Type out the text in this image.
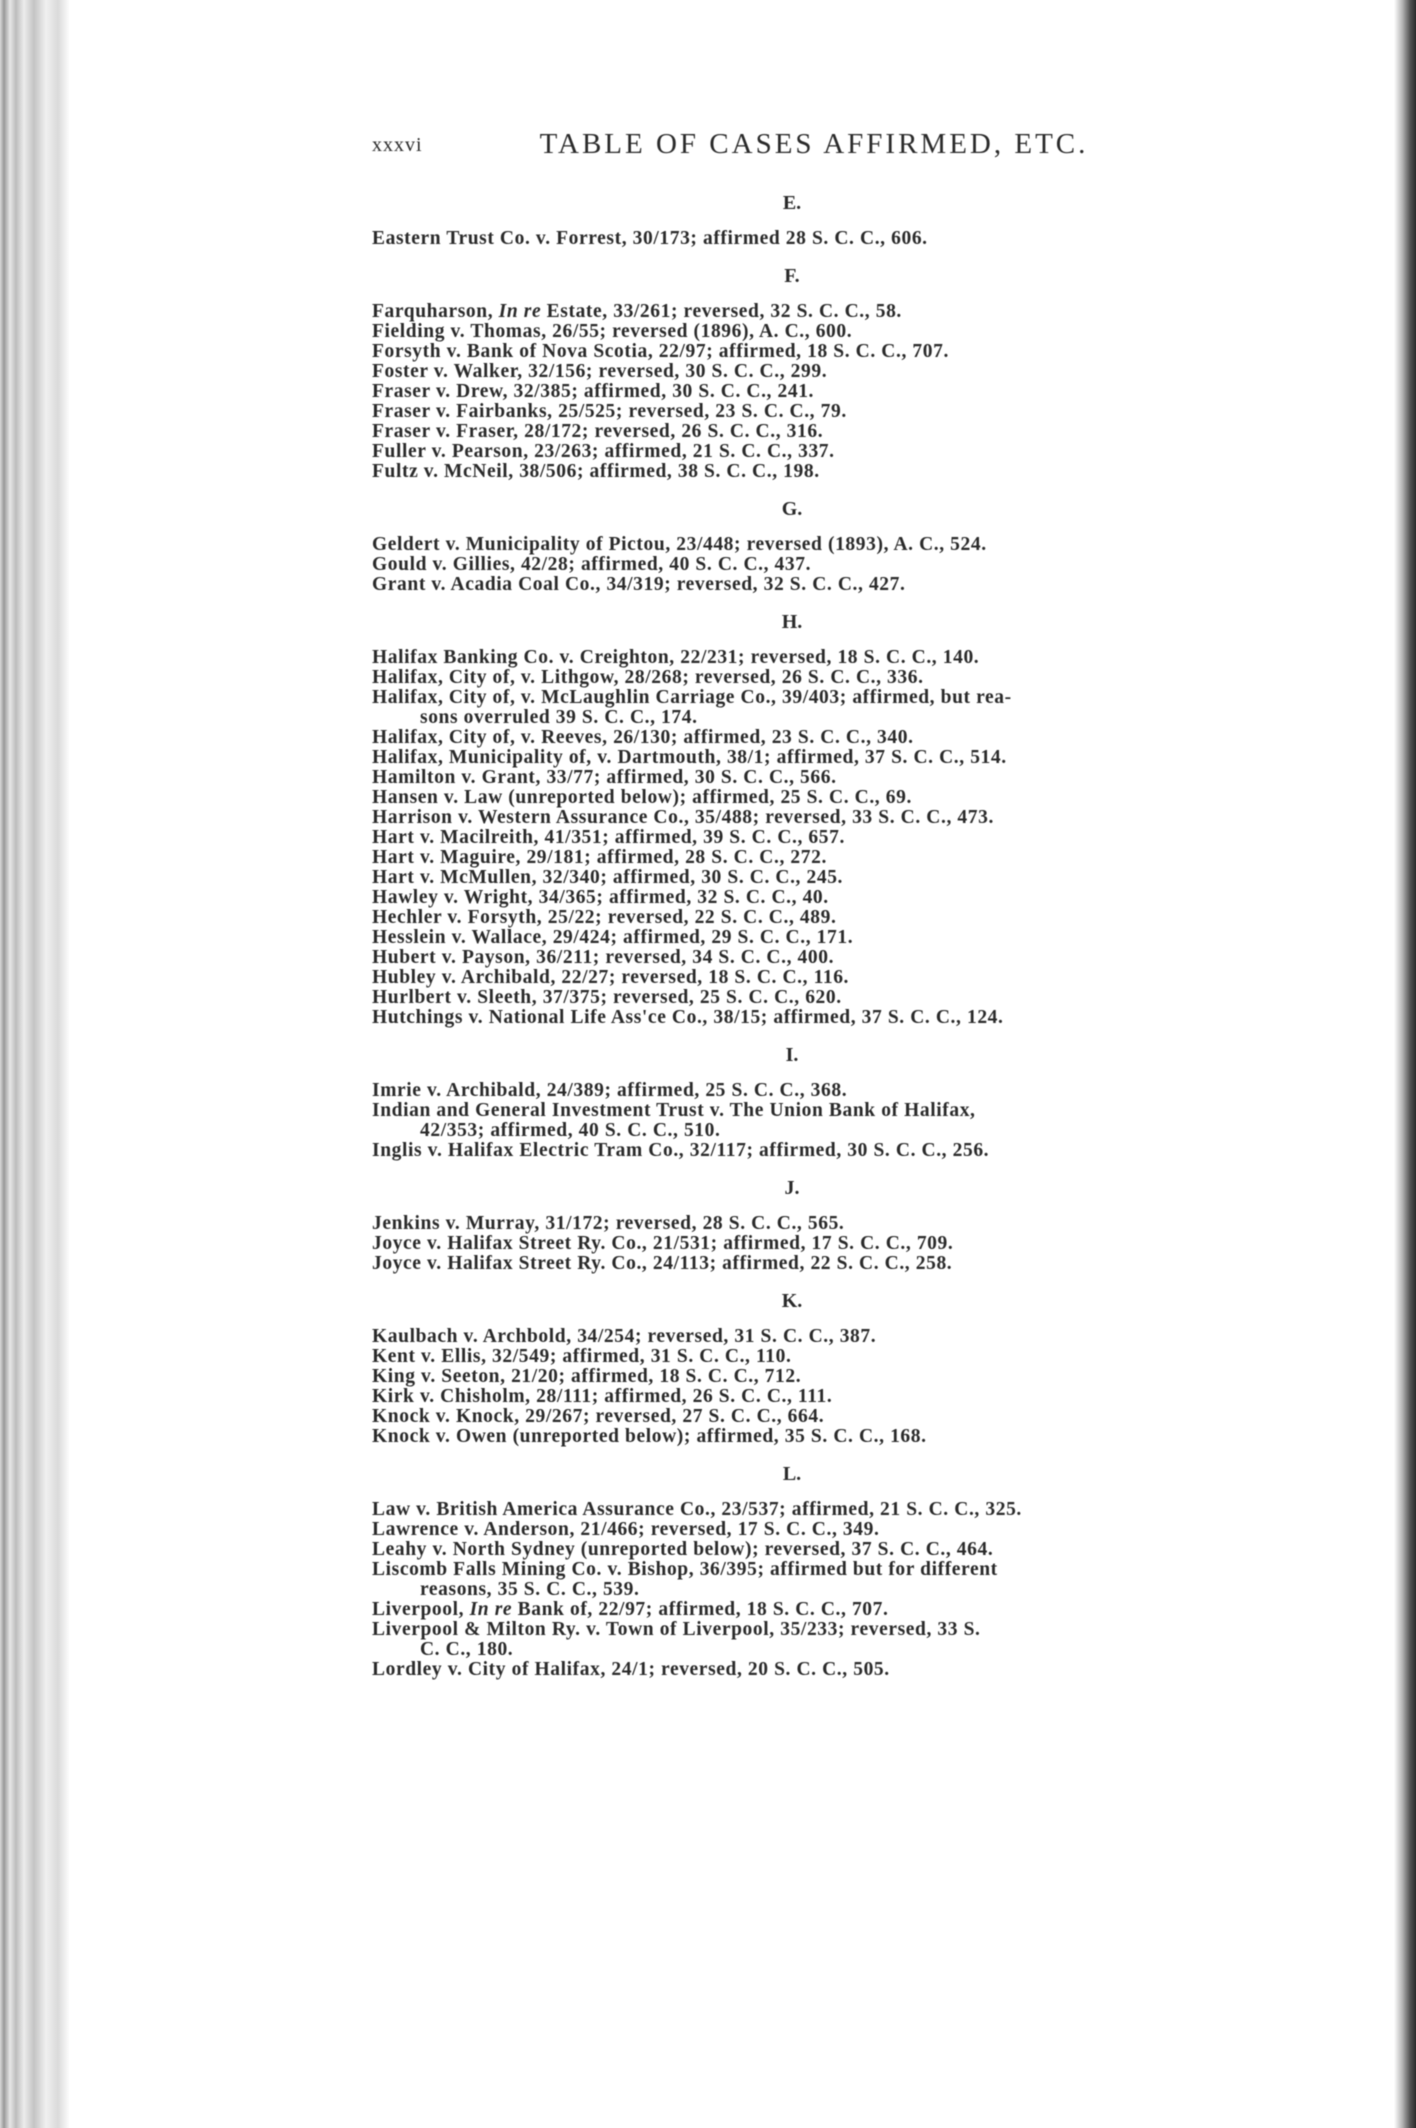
xxxvi	TABLE OF CASES AFFIRMED, ETC.
E.
Eastern Trust Co. v. Forrest, 30/173; affirmed 28 S. C. C., 606.
F.
Farquharson, In re Estate, 33/261; reversed, 32 S. C. C., 58.
Fielding v. Thomas, 26/55; reversed (1896), A. C., 600.
Forsyth v. Bank of Nova Scotia, 22/97; affirmed, 18 S. C. C., 707.
Foster v. Walker, 32/156; reversed, 30 S. C. C., 299.
Fraser v. Drew, 32/385; affirmed, 30 S. C. C., 241.
Fraser v. Fairbanks, 25/525; reversed, 23 S. C. C., 79.
Fraser v. Fraser, 28/172; reversed, 26 S. C. C., 316.
Fuller v. Pearson, 23/263; affirmed, 21 S. C. C., 337.
Fultz v. McNeil, 38/506; affirmed, 38 S. C. C., 198.
G.
Geldert v. Municipality of Pictou, 23/448; reversed (1893), A. C., 524.
Gould v. Gillies, 42/28; affirmed, 40 S. C. C., 437.
Grant v. Acadia Coal Co., 34/319; reversed, 32 S. C. C., 427.
H.
Halifax Banking Co. v. Creighton, 22/231; reversed, 18 S. C. C., 140.
Halifax, City of, v. Lithgow, 28/268; reversed, 26 S. C. C., 336.
Halifax, City of, v. McLaughlin Carriage Co., 39/403; affirmed, but rea-
sons overruled 39 S. C. C., 174.
Halifax, City of, v. Reeves, 26/130; affirmed, 23 S. C. C., 340.
Halifax, Municipality of, v. Dartmouth, 38/1; affirmed, 37 S. C. C., 514.
Hamilton v. Grant, 33/77; affirmed, 30 S. C. C., 566.
Hansen v. Law (unreported below); affirmed, 25 S. C. C., 69.
Harrison v. Western Assurance Co., 35/488; reversed, 33 S. C. C., 473.
Hart v. Macilreith, 41/351; affirmed, 39 S. C. C., 657.
Hart v. Maguire, 29/181; affirmed, 28 S. C. C., 272.
Hart v. McMullen, 32/340; affirmed, 30 S. C. C., 245.
Hawley v. Wright, 34/365; affirmed, 32 S. C. C., 40.
Hechler v. Forsyth, 25/22; reversed, 22 S. C. C., 489.
Hesslein v. Wallace, 29/424; affirmed, 29 S. C. C., 171.
Hubert v. Payson, 36/211; reversed, 34 S. C. C., 400.
Hubley v. Archibald, 22/27; reversed, 18 S. C. C., 116.
Hurlbert v. Sleeth, 37/375; reversed, 25 S. C. C., 620.
Hutchings v. National Life Ass'ce Co., 38/15; affirmed, 37 S. C. C., 124.
I.
Imrie v. Archibald, 24/389; affirmed, 25 S. C. C., 368.
Indian and General Investment Trust v. The Union Bank of Halifax,
42/353; affirmed, 40 S. C. C., 510.
Inglis v. Halifax Electric Tram Co., 32/117; affirmed, 30 S. C. C., 256.
J.
Jenkins v. Murray, 31/172; reversed, 28 S. C. C., 565.
Joyce v. Halifax Street Ry. Co., 21/531; affirmed, 17 S. C. C., 709.
Joyce v. Halifax Street Ry. Co., 24/113; affirmed, 22 S. C. C., 258.
K.
Kaulbach v. Archbold, 34/254; reversed, 31 S. C. C., 387.
Kent v. Ellis, 32/549; affirmed, 31 S. C. C., 110.
King v. Seeton, 21/20; affirmed, 18 S. C. C., 712.
Kirk v. Chisholm, 28/111; affirmed, 26 S. C. C., 111.
Knock v. Knock, 29/267; reversed, 27 S. C. C., 664.
Knock v. Owen (unreported below); affirmed, 35 S. C. C., 168.
L.
Law v. British America Assurance Co., 23/537; affirmed, 21 S. C. C., 325.
Lawrence v. Anderson, 21/466; reversed, 17 S. C. C., 349.
Leahy v. North Sydney (unreported below); reversed, 37 S. C. C., 464.
Liscomb Falls Mining Co. v. Bishop, 36/395; affirmed but for different
reasons, 35 S. C. C., 539.
Liverpool, In re Bank of, 22/97; affirmed, 18 S. C. C., 707.
Liverpool & Milton Ry. v. Town of Liverpool, 35/233; reversed, 33 S.
C. C., 180.
Lordley v. City of Halifax, 24/1; reversed, 20 S. C. C., 505.
